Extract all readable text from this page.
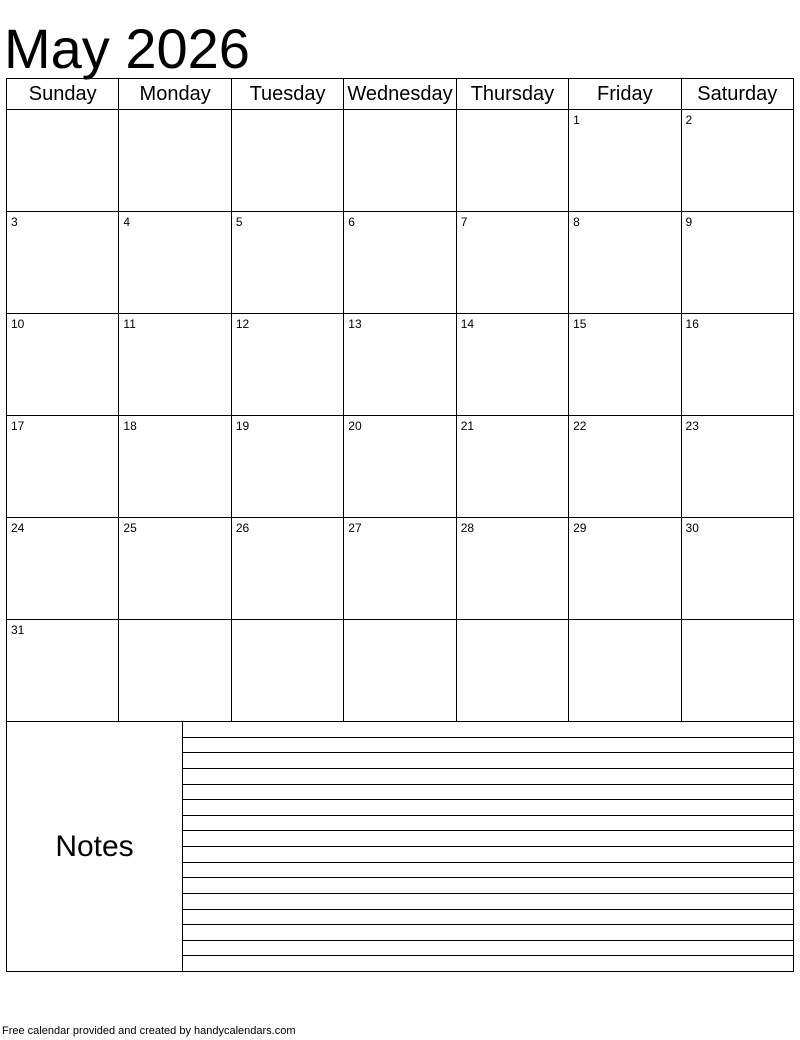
May 2026
Sunday	Monday	Tuesday	Wednesday	Thursday	Friday	Saturday

					1	2

3	4	5	6	7	8	9

10	11	12	13	14	15	16

17	18	19	20	21	22	23

24	25	26	27	28	29	30

31						

Notes
Free calendar provided and created by handycalendars.com
